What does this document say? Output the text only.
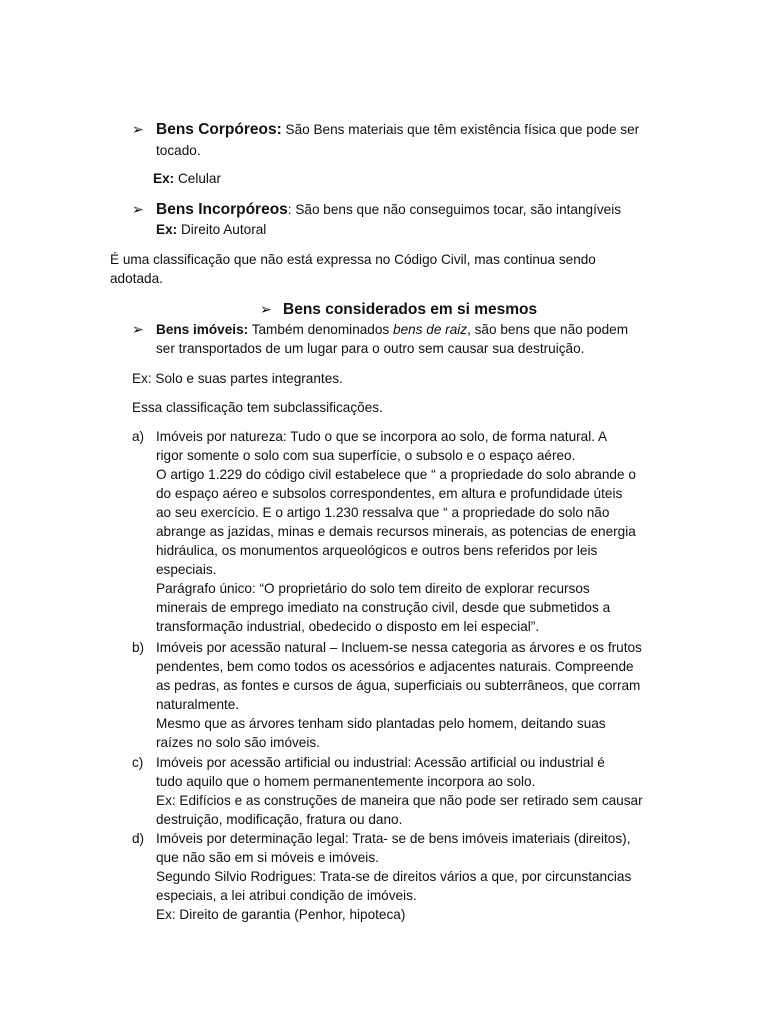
➢ Bens Corpóreos: São Bens materiais que têm existência física que pode ser
tocado.
Ex: Celular
➢ Bens Incorpóreos: São bens que não conseguimos tocar, são intangíveis
Ex: Direito Autoral
É uma classificação que não está expressa no Código Civil, mas continua sendo
adotada.
➢ Bens considerados em si mesmos
➢ Bens imóveis: Também denominados bens de raiz, são bens que não podem
ser transportados de um lugar para o outro sem causar sua destruição.
Ex: Solo e suas partes integrantes.
Essa classificação tem subclassificações.
a) Imóveis por natureza: Tudo o que se incorpora ao solo, de forma natural. A

rigor somente o solo com sua superfície, o subsolo e o espaço aéreo.

O artigo 1.229 do código civil estabelece que “ a propriedade do solo abrande o

do espaço aéreo e subsolos correspondentes, em altura e profundidade úteis

ao seu exercício. E o artigo 1.230 ressalva que “ a propriedade do solo não

abrange as jazidas, minas e demais recursos minerais, as potencias de energia

hidráulica, os monumentos arqueológicos e outros bens referidos por leis

especiais.

Parágrafo único: “O proprietário do solo tem direito de explorar recursos

minerais de emprego imediato na construção civil, desde que submetidos a

transformação industrial, obedecido o disposto em lei especial”.

b) Imóveis por acessão natural – Incluem-se nessa categoria as árvores e os frutos

pendentes, bem como todos os acessórios e adjacentes naturais. Compreende

as pedras, as fontes e cursos de água, superficiais ou subterrâneos, que corram

naturalmente.

Mesmo que as árvores tenham sido plantadas pelo homem, deitando suas

raízes no solo são imóveis.

c) Imóveis por acessão artificial ou industrial: Acessão artificial ou industrial é

tudo aquilo que o homem permanentemente incorpora ao solo.

Ex: Edifícios e as construções de maneira que não pode ser retirado sem causar

destruição, modificação, fratura ou dano.

d) Imóveis por determinação legal: Trata- se de bens imóveis imateriais (direitos),

que não são em si móveis e imóveis.

Segundo Silvio Rodrigues: Trata-se de direitos vários a que, por circunstancias

especiais, a lei atribui condição de imóveis.

Ex: Direito de garantia (Penhor, hipoteca)
